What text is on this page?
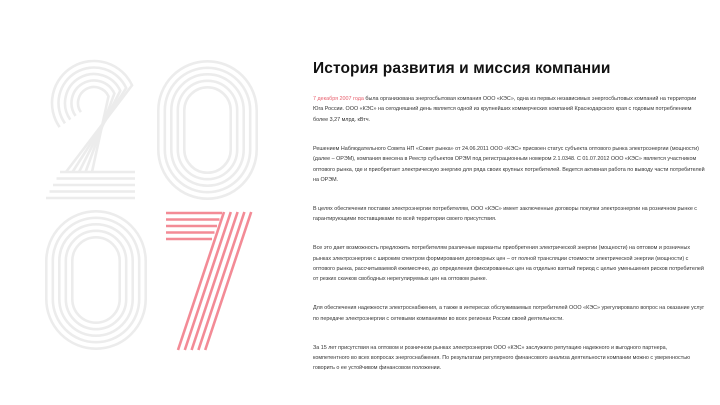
История развития и миссия компании

7 декабря 2007 года была организована энергосбытовая компания ООО «КЭС», одна из первых независимых энергосбытовых компаний на территории Юга России. ООО «КЭС» на сегодняшний день является одной из крупнейших коммерческих компаний Краснодарского края с годовым потреблением более 3,27 млрд. кВтч.

Решением Наблюдательного Совета НП «Совет рынка» от 24.06.2011 ООО «КЭС» присвоен статус субъекта оптового рынка электроэнергии (мощности) (далее – ОРЭМ), компания внесена в Реестр субъектов ОРЭМ под регистрационным номером 2.1.0348. С 01.07.2012 ООО «КЭС» является участником оптового рынка, где и приобретает электрическую энергию для ряда своих крупных потребителей. Ведется активная работа по выводу части потребителей на ОРЭМ.

В целях обеспечения поставки электроэнергии потребителям, ООО «КЭС» имеет заключенные договоры покупки электроэнергии на розничном рынке с гарантирующими поставщиками по всей территории своего присутствия.

Все это дает возможность предложить потребителям различные варианты приобретения электрической энергии (мощности) на оптовом и розничных рынках электроэнергии с широким спектром формирования договорных цен – от полной трансляции стоимости электрической энергии (мощности) с оптового рынка, рассчитываемой ежемесячно, до определения фиксированных цен на отдельно взятый период с целью уменьшения рисков потребителей от резких скачков свободных нерегулируемых цен на оптовом рынке.

Для обеспечения надежности электроснабжения, а также в интересах обслуживаемых потребителей ООО «КЭС» урегулировало вопрос на оказание услуг по передаче электроэнергии с сетевыми компаниями во всех регионах России своей деятельности.

За 15 лет присутствия на оптовом и розничном рынках электроэнергии ООО «КЭС» заслужило репутацию надежного и выгодного партнера, компетентного во всех вопросах энергоснабжения. По результатам регулярного финансового анализа деятельности компании можно с уверенностью говорить о ее устойчивом финансовом положении.
